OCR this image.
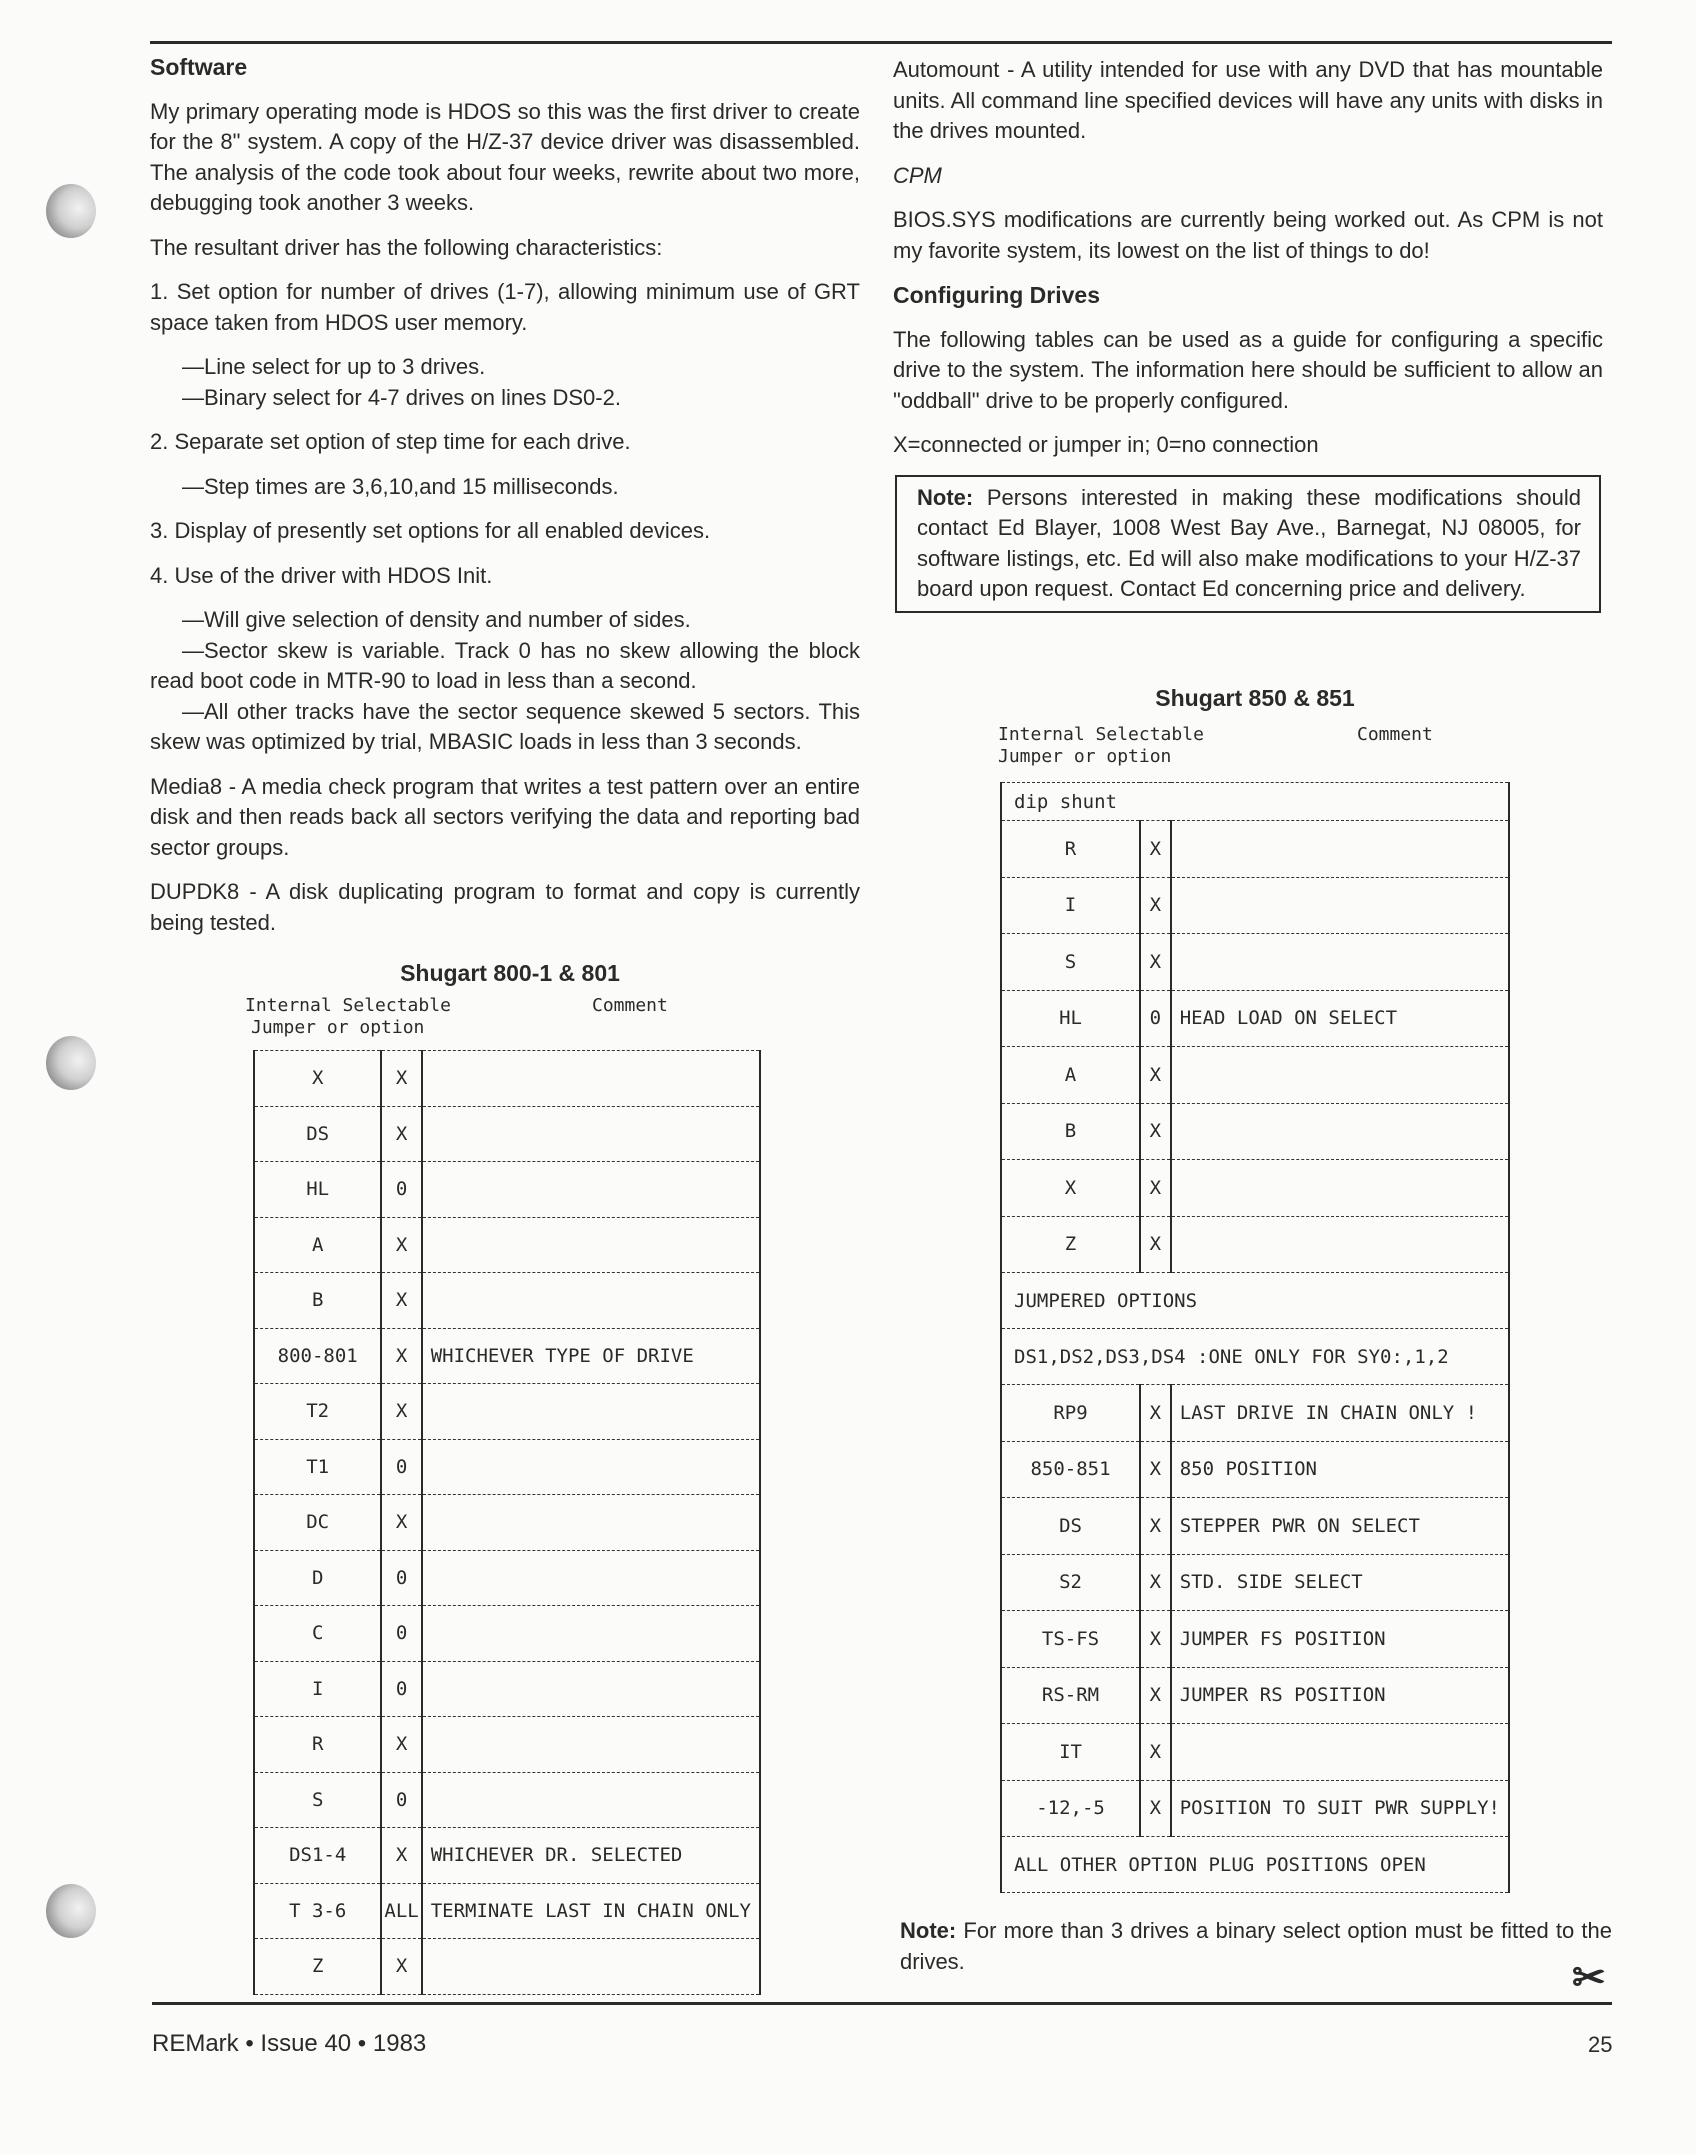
Software

My primary operating mode is HDOS so this was the first driver to create for the 8" system. A copy of the H/Z-37 device driver was disassembled. The analysis of the code took about four weeks, rewrite about two more, debugging took another 3 weeks.

The resultant driver has the following characteristics:

1. Set option for number of drives (1-7), allowing minimum use of GRT space taken from HDOS user memory.

—Line select for up to 3 drives.

—Binary select for 4-7 drives on lines DS0-2.

2. Separate set option of step time for each drive.

—Step times are 3,6,10,and 15 milliseconds.

3. Display of presently set options for all enabled devices.

4. Use of the driver with HDOS Init.

—Will give selection of density and number of sides.

—Sector skew is variable. Track 0 has no skew allowing the block read boot code in MTR-90 to load in less than a second.

—All other tracks have the sector sequence skewed 5 sectors. This skew was optimized by trial, MBASIC loads in less than 3 seconds.

Media8 - A media check program that writes a test pattern over an entire disk and then reads back all sectors verifying the data and reporting bad sector groups.

DUPDK8 - A disk duplicating program to format and copy is currently being tested.

Shugart 800-1 & 801
Internal Selectable
Jumper or option
Comment
X	X	
DS	X	
HL	0	
A	X	
B	X	
800-801	X	WHICHEVER TYPE OF DRIVE
T2	X	
T1	0	
DC	X	
D	0	
C	0	
I	0	
R	X	
S	0	
DS1-4	X	WHICHEVER DR. SELECTED
T 3-6	ALL	TERMINATE LAST IN CHAIN ONLY
Z	X	

Automount - A utility intended for use with any DVD that has mountable units. All command line specified devices will have any units with disks in the drives mounted.

CPM

BIOS.SYS modifications are currently being worked out. As CPM is not my favorite system, its lowest on the list of things to do!

Configuring Drives

The following tables can be used as a guide for configuring a specific drive to the system. The information here should be sufficient to allow an "oddball" drive to be properly configured.

X=connected or jumper in; 0=no connection

Note: Persons interested in making these modifications should contact Ed Blayer, 1008 West Bay Ave., Barnegat, NJ 08005, for software listings, etc. Ed will also make modifications to your H/Z-37 board upon request. Contact Ed concerning price and delivery.
Shugart 850 & 851
Internal Selectable
Jumper or option
Comment
dip shunt		
R	X	
I	X	
S	X	
HL	0	HEAD LOAD ON SELECT
A	X	
B	X	
X	X	
Z	X	
JUMPERED OPTIONS		
DS1,DS2,DS3,DS4 :ONE ONLY FOR SY0:,1,2		
RP9	X	LAST DRIVE IN CHAIN ONLY !
850-851	X	850 POSITION
DS	X	STEPPER PWR ON SELECT
S2	X	STD. SIDE SELECT
TS-FS	X	JUMPER FS POSITION
RS-RM	X	JUMPER RS POSITION
IT	X	
-12,-5	X	POSITION TO SUIT PWR SUPPLY!
ALL OTHER OPTION PLUG POSITIONS OPEN		

Note: For more than 3 drives a binary select option must be fitted to the drives.	✂
REMark • Issue 40 • 1983	25
